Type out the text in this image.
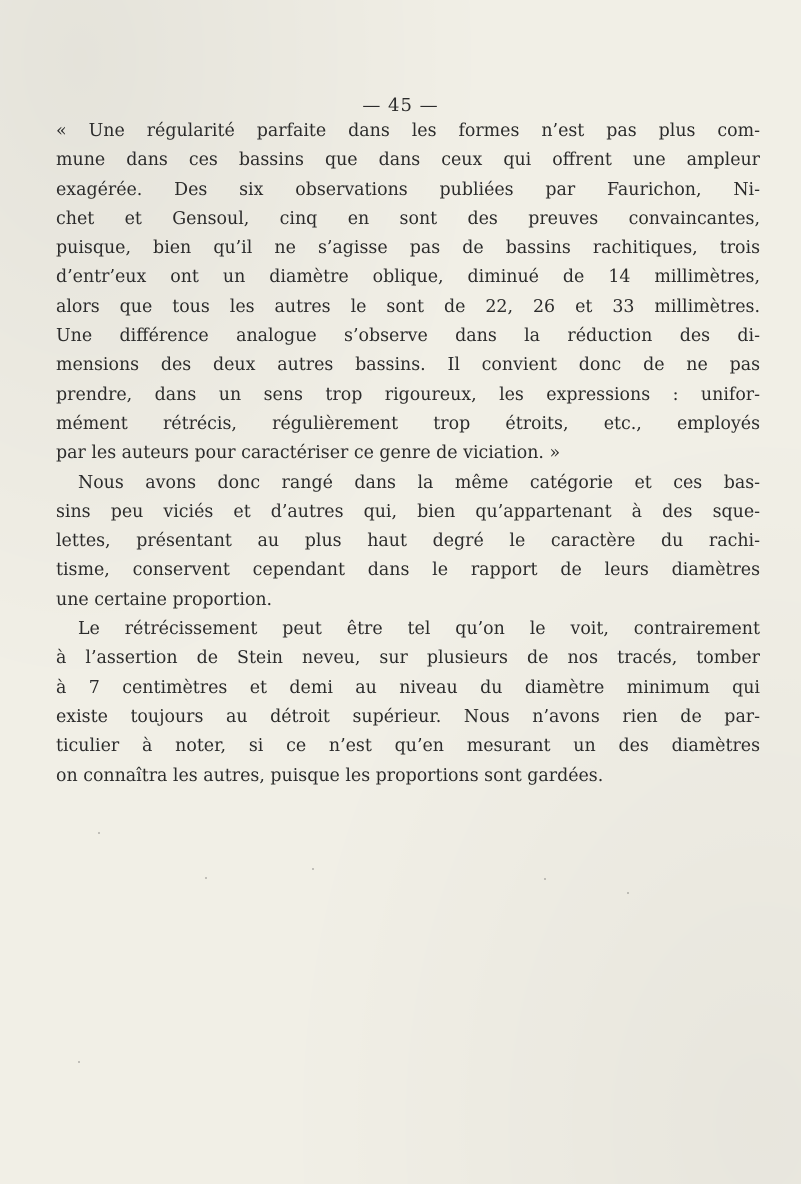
— 45 —
« Une régularité parfaite dans les formes n’est pas plus com-
mune dans ces bassins que dans ceux qui offrent une ampleur
exagérée. Des six observations publiées par Faurichon, Ni-
chet et Gensoul, cinq en sont des preuves convaincantes,
puisque, bien qu’il ne s’agisse pas de bassins rachitiques, trois
d’entr’eux ont un diamètre oblique, diminué de 14 millimètres,
alors que tous les autres le sont de 22, 26 et 33 millimètres.
Une différence analogue s’observe dans la réduction des di-
mensions des deux autres bassins. Il convient donc de ne pas
prendre, dans un sens trop rigoureux, les expressions : unifor-
mément rétrécis, régulièrement trop étroits, etc., employés
par les auteurs pour caractériser ce genre de viciation. »
Nous avons donc rangé dans la même catégorie et ces bas-
sins peu viciés et d’autres qui, bien qu’appartenant à des sque-
lettes, présentant au plus haut degré le caractère du rachi-
tisme, conservent cependant dans le rapport de leurs diamètres
une certaine proportion.
Le rétrécissement peut être tel qu’on le voit, contrairement
à l’assertion de Stein neveu, sur plusieurs de nos tracés, tomber
à 7 centimètres et demi au niveau du diamètre minimum qui
existe toujours au détroit supérieur. Nous n’avons rien de par-
ticulier à noter, si ce n’est qu’en mesurant un des diamètres
on connaîtra les autres, puisque les proportions sont gardées.
